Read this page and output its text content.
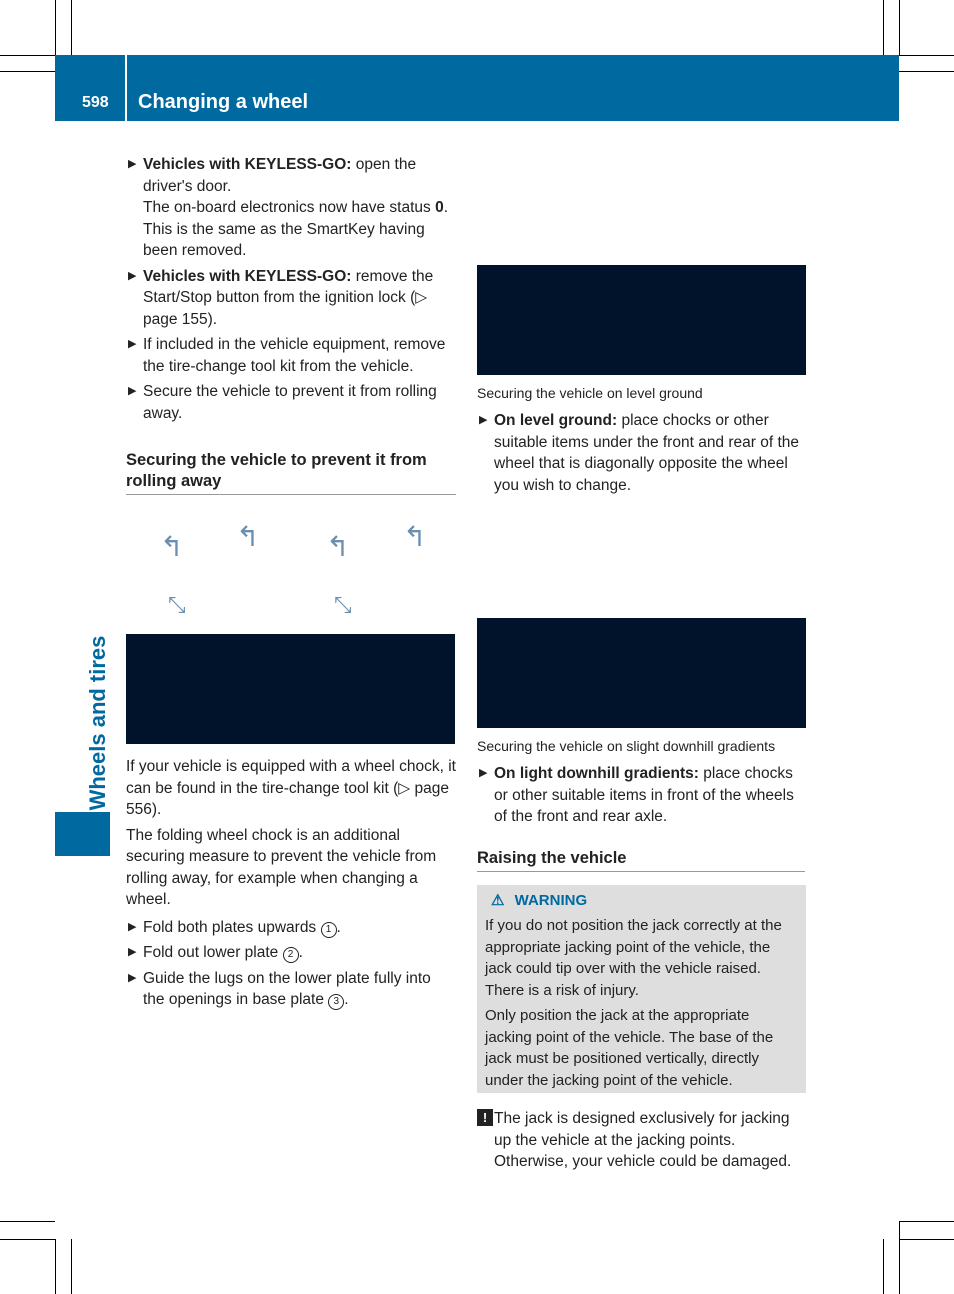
598 Changing a wheel
Wheels and tires
▶ Vehicles with KEYLESS-GO: open the driver's door.
The on-board electronics now have status 0. This is the same as the SmartKey having been removed.
▶ Vehicles with KEYLESS-GO: remove the Start/Stop button from the ignition lock (▷ page 155).
▶ If included in the vehicle equipment, remove the tire-change tool kit from the vehicle.
▶ Secure the vehicle to prevent it from rolling away.
Securing the vehicle to prevent it from rolling away
↰ ↰ ↰ ↰
⤡	⤡

If your vehicle is equipped with a wheel chock, it can be found in the tire-change tool kit (▷ page 556).

The folding wheel chock is an additional securing measure to prevent the vehicle from rolling away, for example when changing a wheel.

▶ Fold both plates upwards 1 .
▶ Fold out lower plate 2 .
▶ Guide the lugs on the lower plate fully into the openings in base plate 3 .
Securing the vehicle on level ground
▶ On level ground: place chocks or other suitable items under the front and rear of the wheel that is diagonally opposite the wheel you wish to change.
Securing the vehicle on slight downhill gradients
▶ On light downhill gradients: place chocks or other suitable items in front of the wheels of the front and rear axle.
Raising the vehicle
⚠ WARNING

If you do not position the jack correctly at the appropriate jacking point of the vehicle, the jack could tip over with the vehicle raised. There is a risk of injury.

Only position the jack at the appropriate jacking point of the vehicle. The base of the jack must be positioned vertically, directly under the jacking point of the vehicle.

! The jack is designed exclusively for jacking up the vehicle at the jacking points. Otherwise, your vehicle could be damaged.
